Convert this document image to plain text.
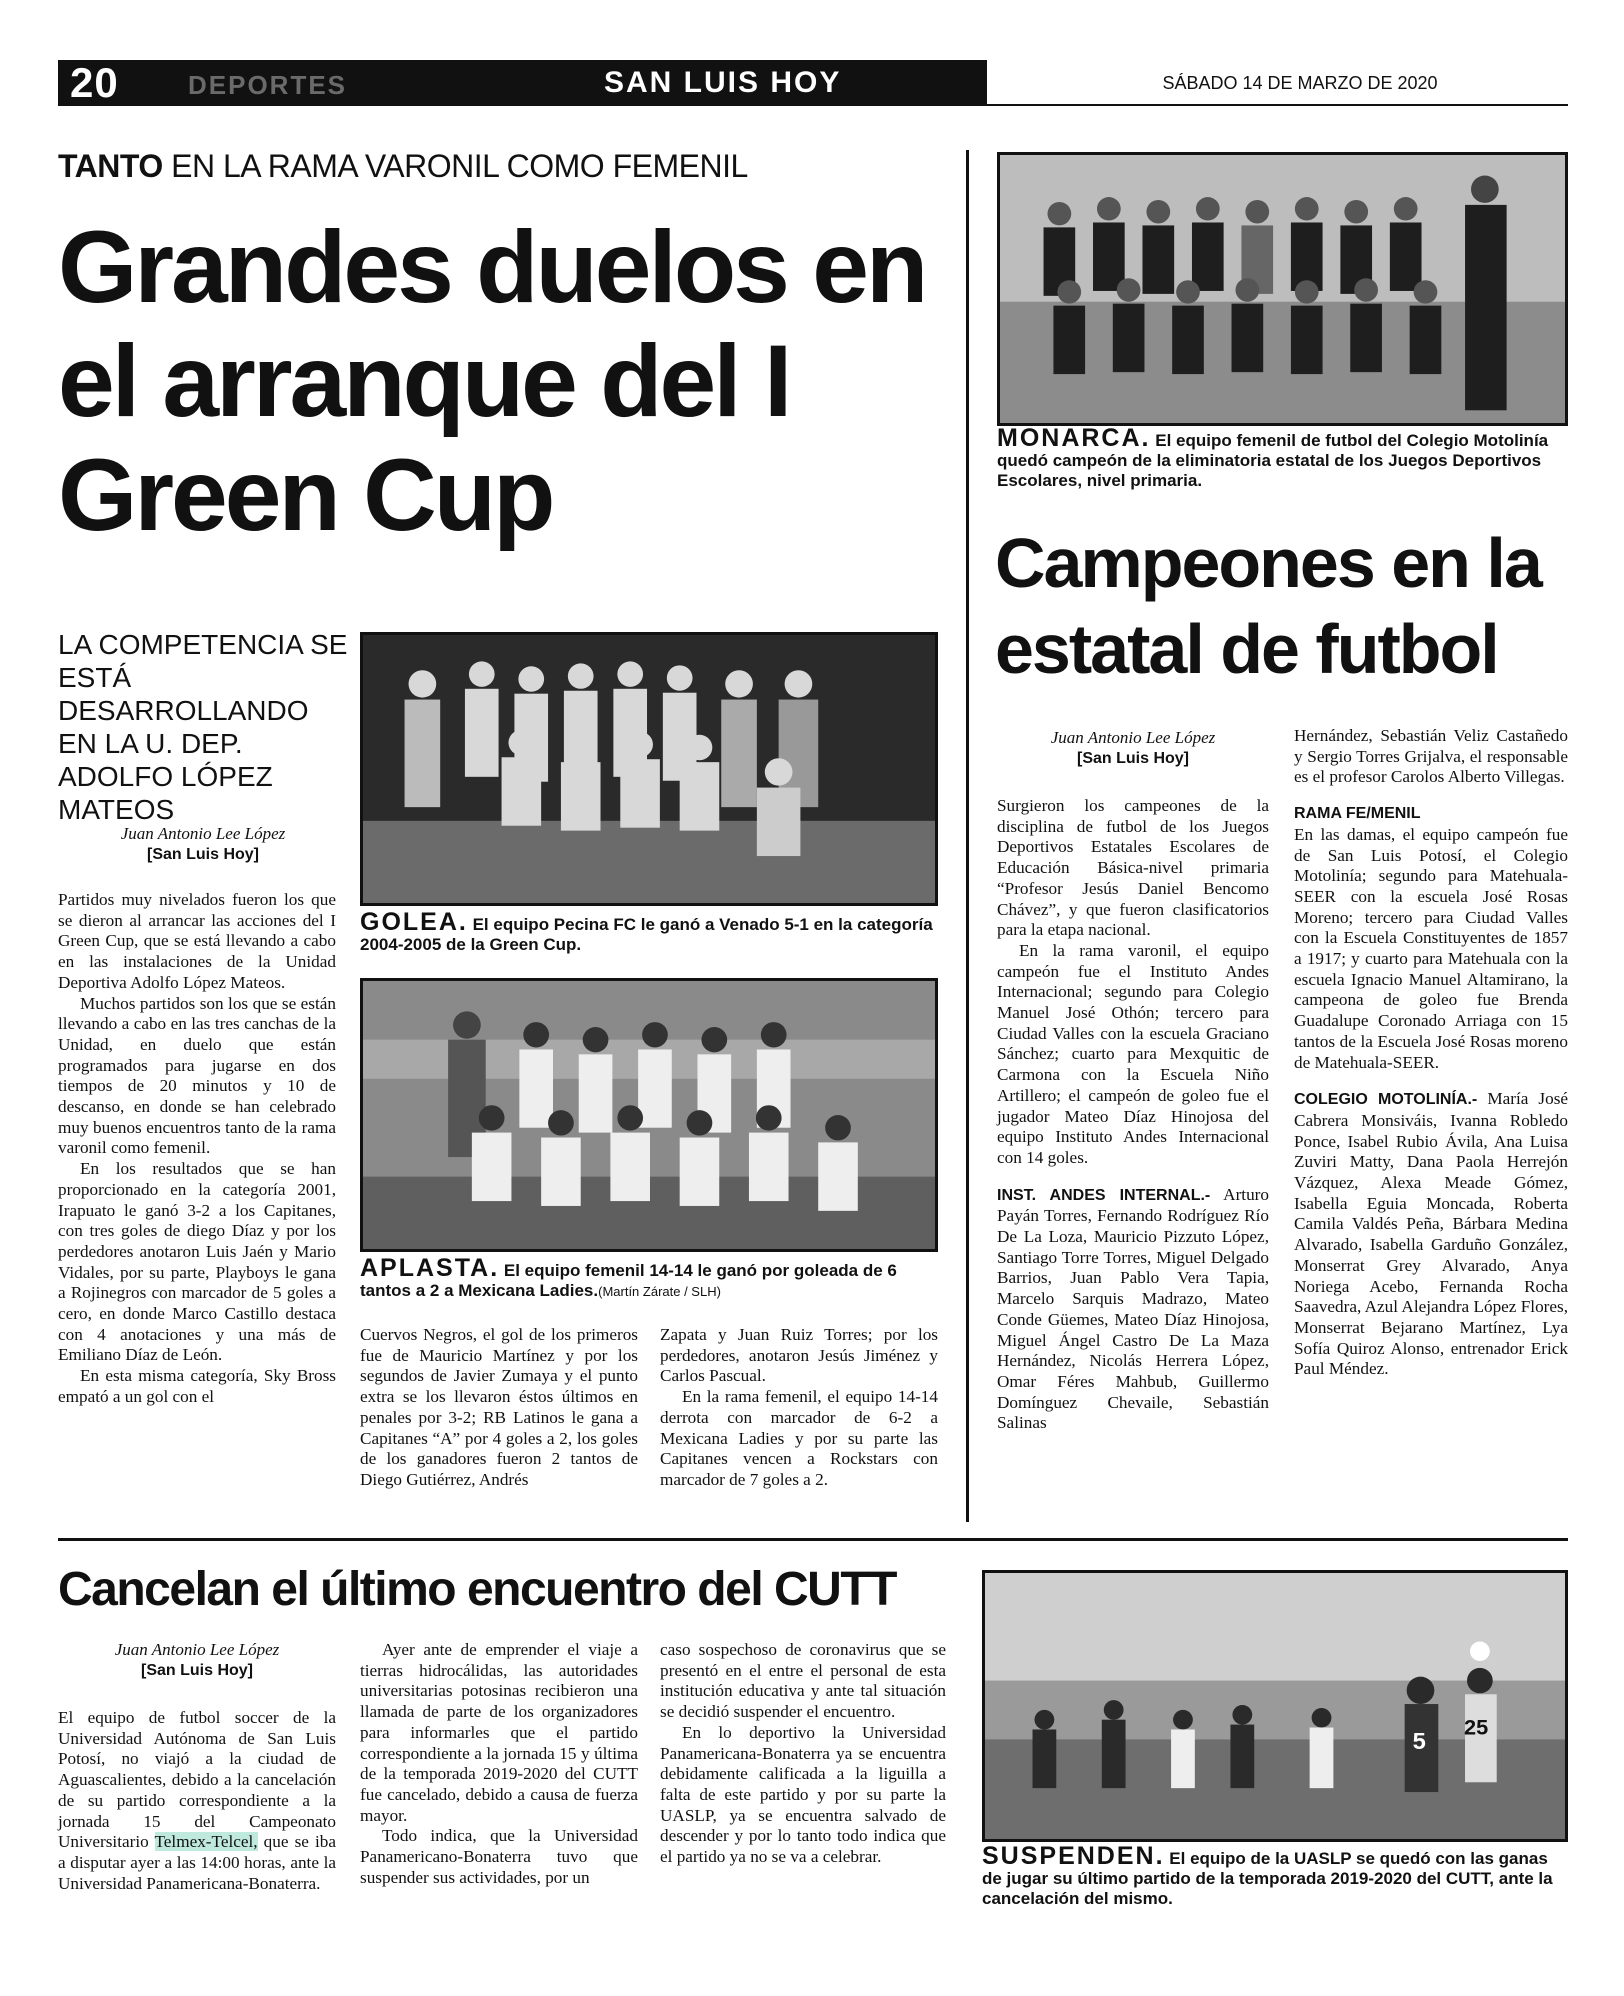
20	DEPORTES	SAN LUIS HOY	SÁBADO 14 DE MARZO DE 2020
TANTO EN LA RAMA VARONIL COMO FEMENIL
Grandes duelos en el arranque del I Green Cup
LA COMPETENCIA SE ESTÁ DESARROLLANDO EN LA U. DEP. ADOLFO LÓPEZ MATEOS
Juan Antonio Lee López
[San Luis Hoy]

Partidos muy nivelados fueron los que se dieron al arrancar las acciones del I Green Cup, que se está llevando a cabo en las instalaciones de la Unidad Deportiva Adolfo López Mateos.

Muchos partidos son los que se están llevando a cabo en las tres canchas de la Unidad, en duelo que están programados para jugarse en dos tiempos de 20 minutos y 10 de descanso, en donde se han celebrado muy buenos encuentros tanto de la rama varonil como femenil.

En los resultados que se han proporcionado en la categoría 2001, Irapuato le ganó 3-2 a los Capitanes, con tres goles de diego Díaz y por los perdedores anotaron Luis Jaén y Mario Vidales, por su parte, Playboys le gana a Rojinegros con marcador de 5 goles a cero, en donde Marco Castillo destaca con 4 anotaciones y una más de Emiliano Díaz de León.

En esta misma categoría, Sky Bross empató a un gol con el

GOLEA. El equipo Pecina FC le ganó a Venado 5-1 en la categoría 2004-2005 de la Green Cup.
APLASTA. El equipo femenil 14-14 le ganó por goleada de 6 tantos a 2 a Mexicana Ladies.(Martín Zárate / SLH)

Cuervos Negros, el gol de los primeros fue de Mauricio Martínez y por los segundos de Javier Zumaya y el punto extra se los llevaron éstos últimos en penales por 3-2; RB Latinos le gana a Capitanes “A” por 4 goles a 2, los goles de los ganadores fueron 2 tantos de Diego Gutiérrez, Andrés

Zapata y Juan Ruiz Torres; por los perdedores, anotaron Jesús Jiménez y Carlos Pascual.

En la rama femenil, el equipo 14-14 derrota con marcador de 6-2 a Mexicana Ladies y por su parte las Capitanes vencen a Rockstars con marcador de 7 goles a 2.

MONARCA. El equipo femenil de futbol del Colegio Motolinía quedó campeón de la eliminatoria estatal de los Juegos Deportivos Escolares, nivel primaria.
Campeones en la estatal de futbol
Juan Antonio Lee López
[San Luis Hoy]

Surgieron los campeones de la disciplina de futbol de los Juegos Deportivos Estatales Escolares de Educación Básica-nivel primaria “Profesor Jesús Daniel Bencomo Chávez”, y que fueron clasificatorios para la etapa nacional.

En la rama varonil, el equipo campeón fue el Instituto Andes Internacional; segundo para Colegio Manuel José Othón; tercero para Ciudad Valles con la escuela Graciano Sánchez; cuarto para Mexquitic de Carmona con la Escuela Niño Artillero; el campeón de goleo fue el jugador Mateo Díaz Hinojosa del equipo Instituto Andes Internacional con 14 goles.

INST. ANDES INTERNAL.- Arturo Payán Torres, Fernando Rodríguez Río De La Loza, Mauricio Pizzuto López, Santiago Torre Torres, Miguel Delgado Barrios, Juan Pablo Vera Tapia, Marcelo Sarquis Madrazo, Mateo Conde Güemes, Mateo Díaz Hinojosa, Miguel Ángel Castro De La Maza Hernández, Nicolás Herrera López, Omar Féres Mahbub, Guillermo Domínguez Chevaile, Sebastián Salinas

Hernández, Sebastián Veliz Castañedo y Sergio Torres Grijalva, el responsable es el profesor Carolos Alberto Villegas.

RAMA FE/MENIL

En las damas, el equipo campeón fue de San Luis Potosí, el Colegio Motolinía; segundo para Matehuala-SEER con la escuela José Rosas Moreno; tercero para Ciudad Valles con la Escuela Constituyentes de 1857 a 1917; y cuarto para Matehuala con la escuela Ignacio Manuel Altamirano, la campeona de goleo fue Brenda Guadalupe Coronado Arriaga con 15 tantos de la Escuela José Rosas moreno de Matehuala-SEER.

COLEGIO MOTOLINÍA.- María José Cabrera Monsiváis, Ivanna Robledo Ponce, Isabel Rubio Ávila, Ana Luisa Zuviri Matty, Dana Paola Herrejón Vázquez, Alexa Meade Gómez, Isabella Eguia Moncada, Roberta Camila Valdés Peña, Bárbara Medina Alvarado, Isabella Garduño González, Monserrat Grey Alvarado, Anya Noriega Acebo, Fernanda Rocha Saavedra, Azul Alejandra López Flores, Monserrat Bejarano Martínez, Lya Sofía Quiroz Alonso, entrenador Erick Paul Méndez.

Cancelan el último encuentro del CUTT
Juan Antonio Lee López
[San Luis Hoy]

El equipo de futbol soccer de la Universidad Autónoma de San Luis Potosí, no viajó a la ciudad de Aguascalientes, debido a la cancelación de su partido correspondiente a la jornada 15 del Campeonato Universitario Telmex-Telcel, que se iba a disputar ayer a las 14:00 horas, ante la Universidad Panamericana-Bonaterra.

Ayer ante de emprender el viaje a tierras hidrocálidas, las autoridades universitarias potosinas recibieron una llamada de parte de los organizadores para informarles que el partido correspondiente a la jornada 15 y última de la temporada 2019-2020 del CUTT fue cancelado, debido a causa de fuerza mayor.

Todo indica, que la Universidad Panamericano-Bonaterra tuvo que suspender sus actividades, por un

caso sospechoso de coronavirus que se presentó en el entre el personal de esta institución educativa y ante tal situación se decidió suspender el encuentro.

En lo deportivo la Universidad Panamericana-Bonaterra ya se encuentra debidamente calificada a la liguilla a falta de este partido y por su parte la UASLP, ya se encuentra salvado de descender y por lo tanto todo indica que el partido ya no se va a celebrar.

25
5
SUSPENDEN. El equipo de la UASLP se quedó con las ganas de jugar su último partido de la temporada 2019-2020 del CUTT, ante la cancelación del mismo.
